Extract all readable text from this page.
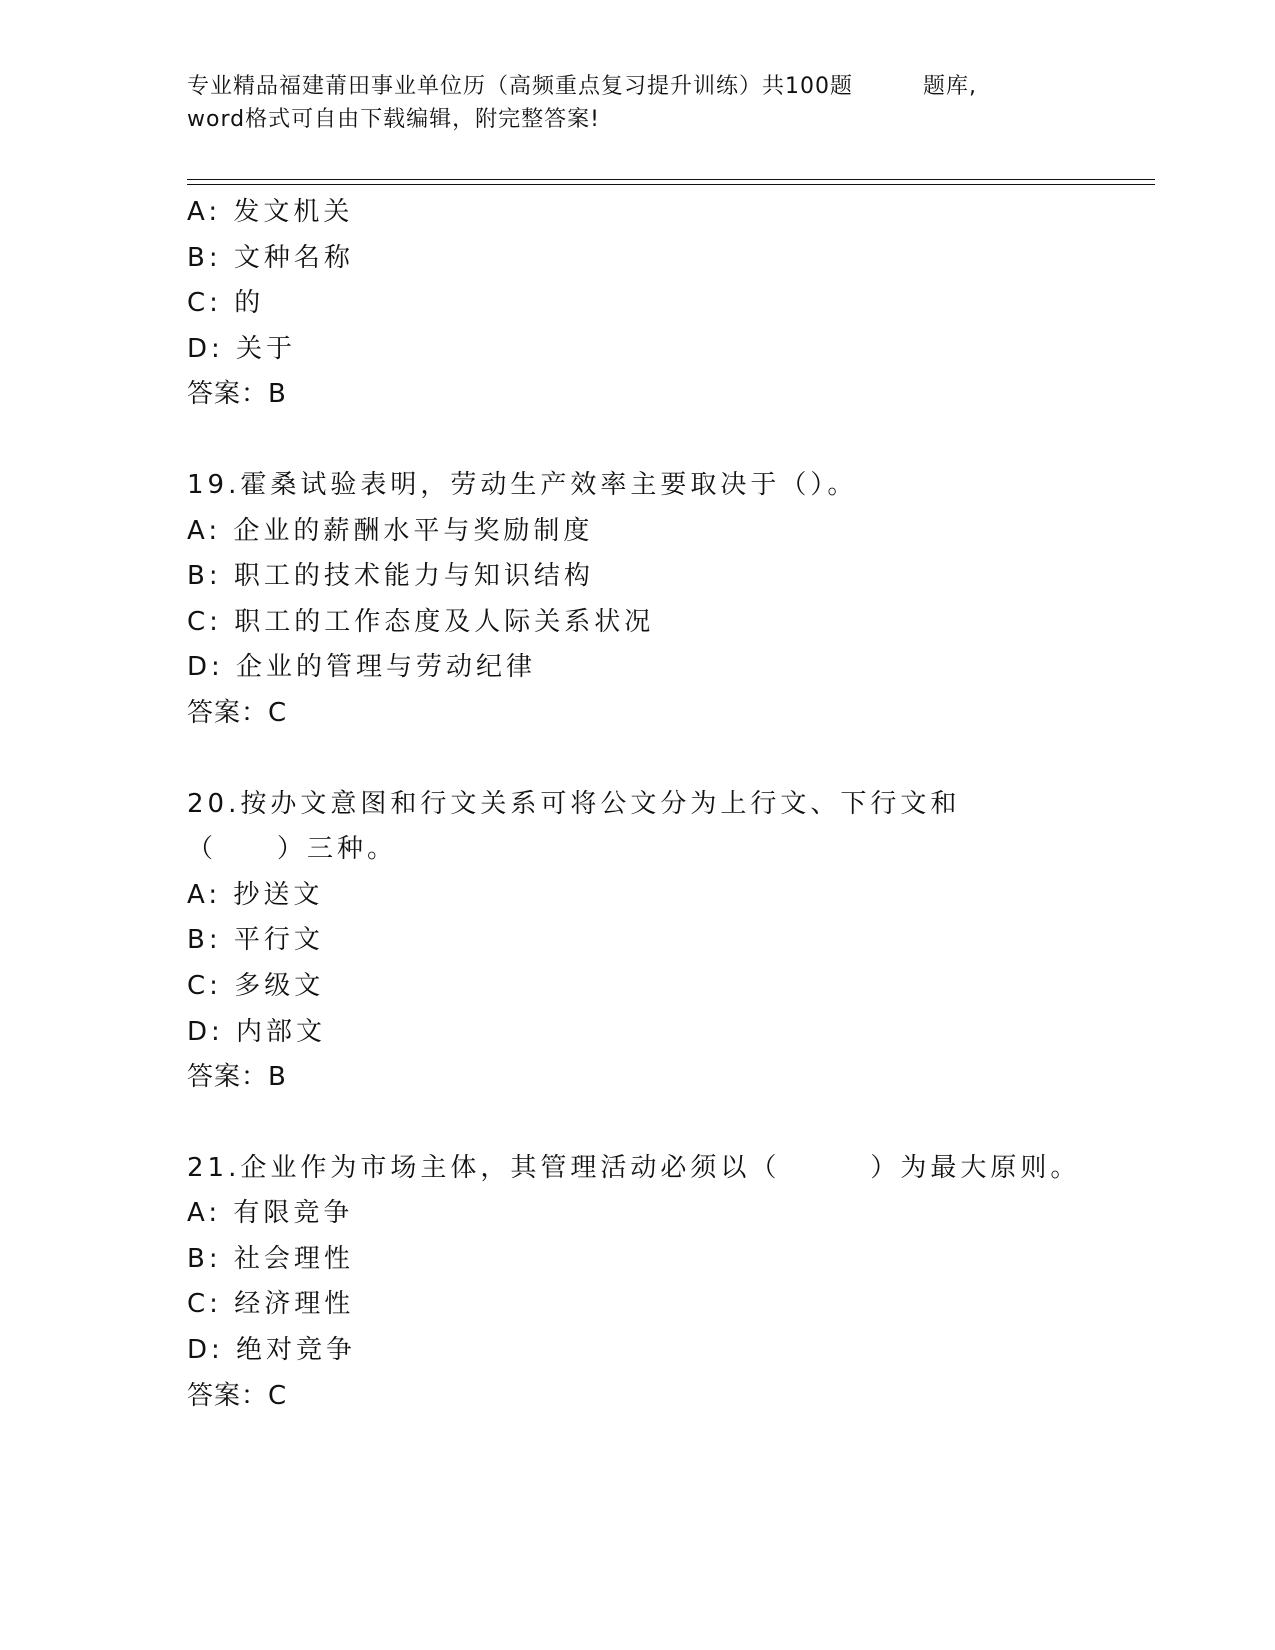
专业精品福建莆田事业单位历（高频重点复习提升训练）共100题	题库,
word格式可自由下载编辑，附完整答案!
A: 发文机关
B: 文种名称
C: 的
D: 关于
答案：B
19.霍桑试验表明，劳动生产效率主要取决于（）。
A: 企业的薪酬水平与奖励制度
B: 职工的技术能力与知识结构
C: 职工的工作态度及人际关系状况
D: 企业的管理与劳动纪律
答案：C
20.按办文意图和行文关系可将公文分为上行文、下行文和（　　）三种。
A: 抄送文
B: 平行文
C: 多级文
D: 内部文
答案：B
21.企业作为市场主体，其管理活动必须以（　　　）为最大原则。
A: 有限竞争
B: 社会理性
C: 经济理性
D: 绝对竞争
答案：C
